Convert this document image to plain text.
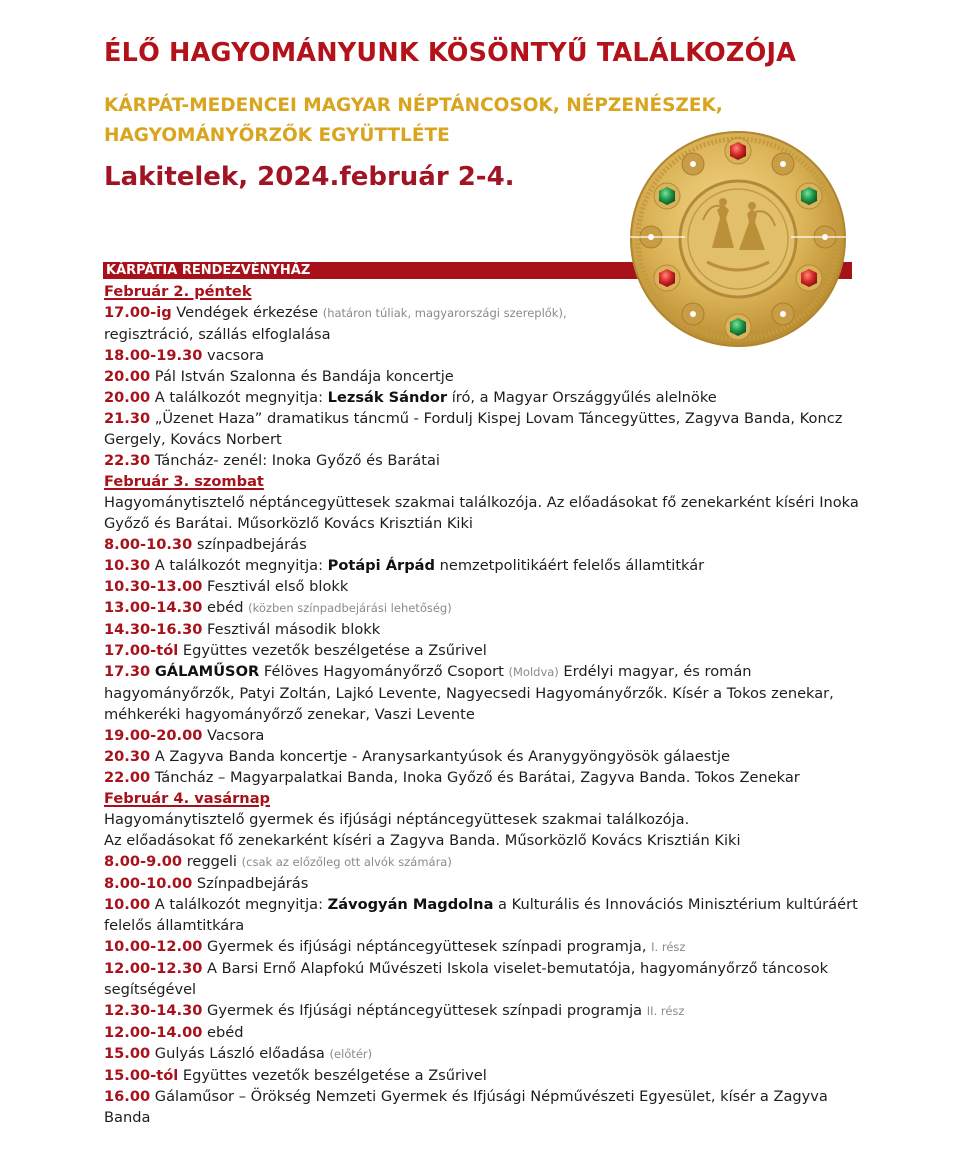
ÉLŐ HAGYOMÁNYUNK KÖSÖNTYŰ TALÁLKOZÓJA
KÁRPÁT-MEDENCEI MAGYAR NÉPTÁNCOSOK, NÉPZENÉSZEK,
HAGYOMÁNYŐRZŐK EGYÜTTLÉTE
Lakitelek, 2024.február 2-4.
KÁRPÁTIA RENDEZVÉNYHÁZ
Február 2. péntek
17.00-ig Vendégek érkezése (határon túliak, magyarországi szereplők),
regisztráció, szállás elfoglalása
18.00-19.30 vacsora
20.00 Pál István Szalonna és Bandája koncertje
20.00 A találkozót megnyitja: Lezsák Sándor író, a Magyar Országgyűlés alelnöke
21.30 „Üzenet Haza” dramatikus táncmű - Fordulj Kispej Lovam Táncegyüttes, Zagyva Banda, Koncz Gergely, Kovács Norbert
22.30 Táncház- zenél: Inoka Győző és Barátai
Február 3. szombat
Hagyománytisztelő néptáncegyüttesek szakmai találkozója. Az előadásokat fő zenekarként kíséri Inoka Győző és Barátai. Műsorközlő Kovács Krisztián Kiki
8.00-10.30 színpadbejárás
10.30 A találkozót megnyitja: Potápi Árpád nemzetpolitikáért felelős államtitkár
10.30-13.00 Fesztivál első blokk
13.00-14.30 ebéd (közben színpadbejárási lehetőség)
14.30-16.30 Fesztivál második blokk
17.00-tól Együttes vezetők beszélgetése a Zsűrivel
17.30 GÁLAMŰSOR Félöves Hagyományőrző Csoport (Moldva) Erdélyi magyar, és román hagyományőrzők, Patyi Zoltán, Lajkó Levente, Nagyecsedi Hagyományőrzők. Kísér a Tokos zenekar, méhkeréki hagyományőrző zenekar, Vaszi Levente
19.00-20.00 Vacsora
20.30 A Zagyva Banda koncertje - Aranysarkantyúsok és Aranygyöngyösök gálaestje
22.00 Táncház – Magyarpalatkai Banda, Inoka Győző és Barátai, Zagyva Banda. Tokos Zenekar
Február 4. vasárnap
Hagyománytisztelő gyermek és ifjúsági néptáncegyüttesek szakmai találkozója.
Az előadásokat fő zenekarként kíséri a Zagyva Banda. Műsorközlő Kovács Krisztián Kiki
8.00-9.00 reggeli (csak az előzőleg ott alvók számára)
8.00-10.00 Színpadbejárás
10.00 A találkozót megnyitja: Závogyán Magdolna a Kulturális és Innovációs Minisztérium kultúráért felelős államtitkára
10.00-12.00 Gyermek és ifjúsági néptáncegyüttesek színpadi programja, I. rész
12.00-12.30 A Barsi Ernő Alapfokú Művészeti Iskola viselet-bemutatója, hagyományőrző táncosok segítségével
12.30-14.30 Gyermek és Ifjúsági néptáncegyüttesek színpadi programja II. rész
12.00-14.00 ebéd
15.00 Gulyás László előadása (előtér)
15.00-tól Együttes vezetők beszélgetése a Zsűrivel
16.00 Gálaműsor – Örökség Nemzeti Gyermek és Ifjúsági Népművészeti Egyesület, kísér a Zagyva Banda
